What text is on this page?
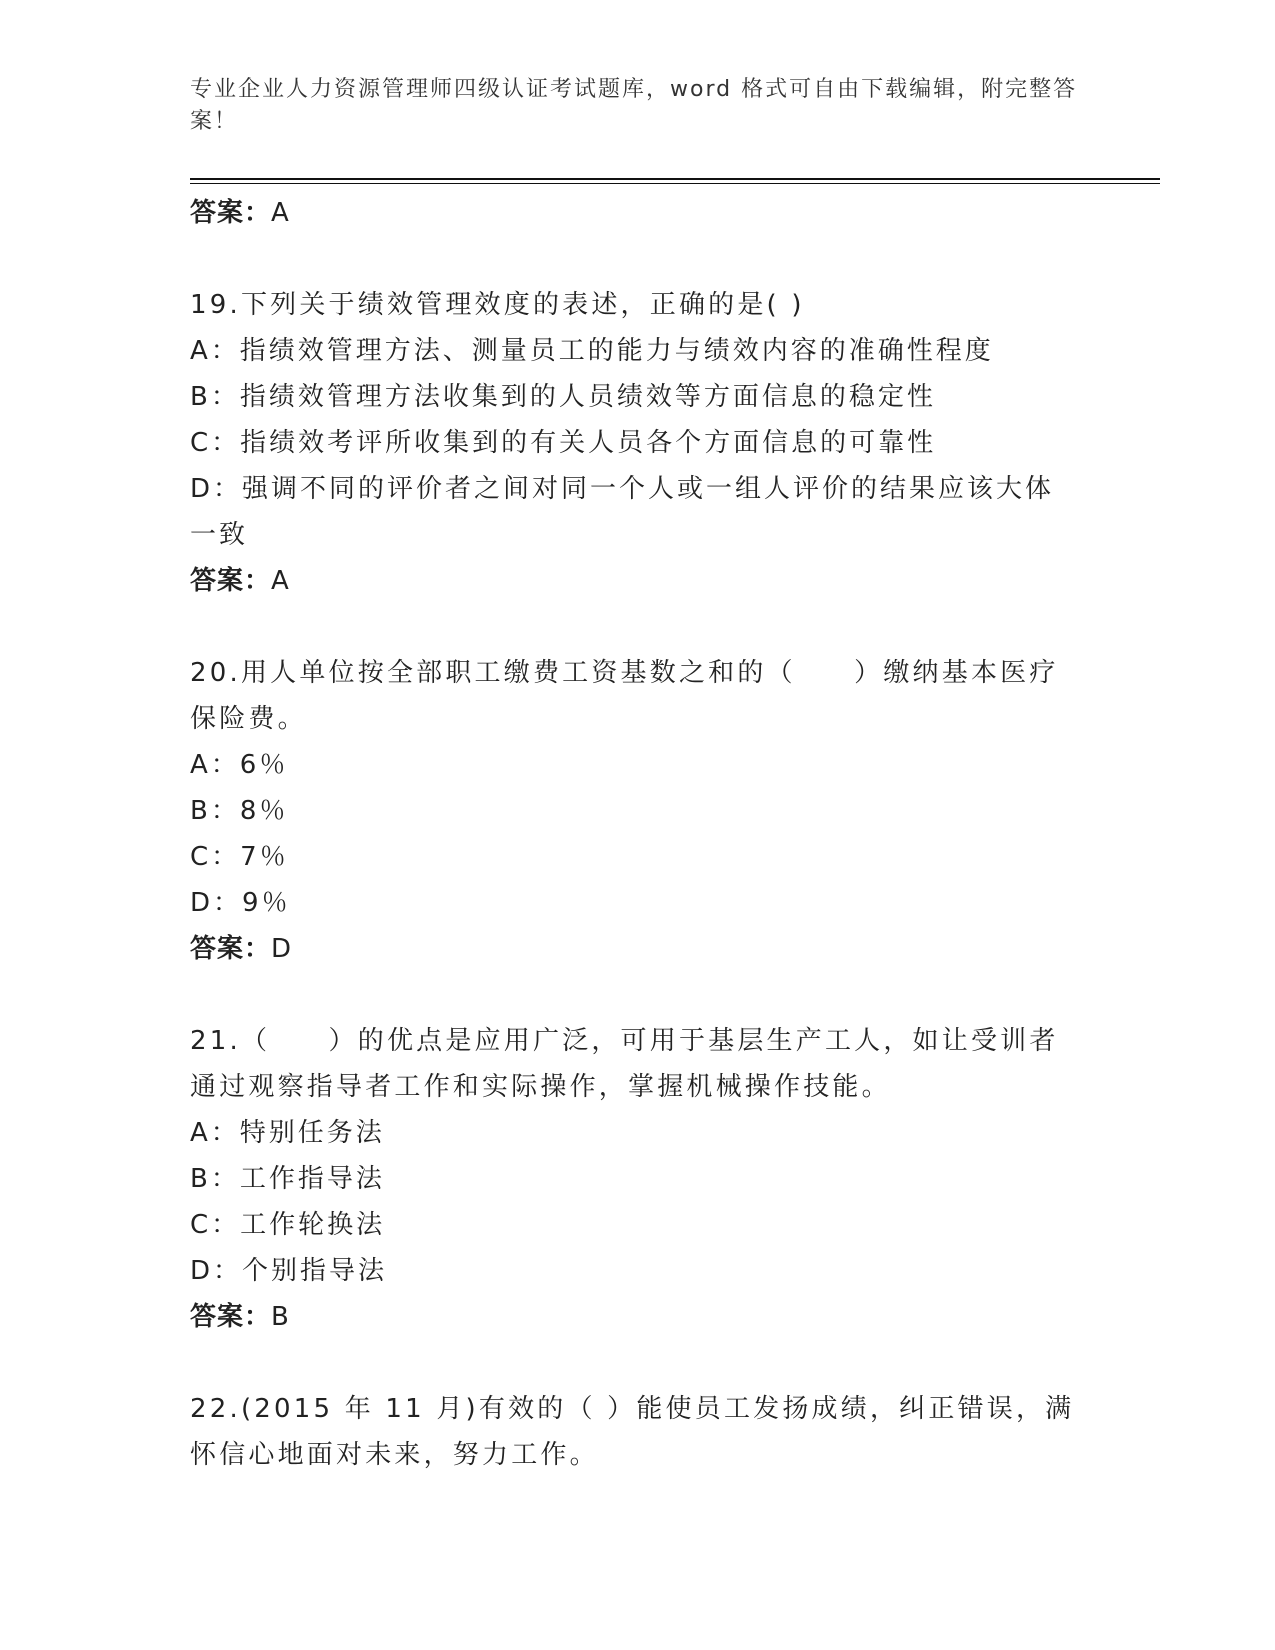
专业企业人力资源管理师四级认证考试题库，word 格式可自由下载编辑，附完整答案！
答案：A
19.下列关于绩效管理效度的表述，正确的是( )
A：指绩效管理方法、测量员工的能力与绩效内容的准确性程度
B：指绩效管理方法收集到的人员绩效等方面信息的稳定性
C：指绩效考评所收集到的有关人员各个方面信息的可靠性
D：强调不同的评价者之间对同一个人或一组人评价的结果应该大体一致
答案：A
20.用人单位按全部职工缴费工资基数之和的（　　）缴纳基本医疗保险费。
A：6％
B：8％
C：7％
D：9％
答案：D
21.（　　）的优点是应用广泛，可用于基层生产工人，如让受训者通过观察指导者工作和实际操作，掌握机械操作技能。
A：特别任务法
B：工作指导法
C：工作轮换法
D：个别指导法
答案：B
22.(2015 年 11 月)有效的（ ）能使员工发扬成绩，纠正错误，满怀信心地面对未来，努力工作。
